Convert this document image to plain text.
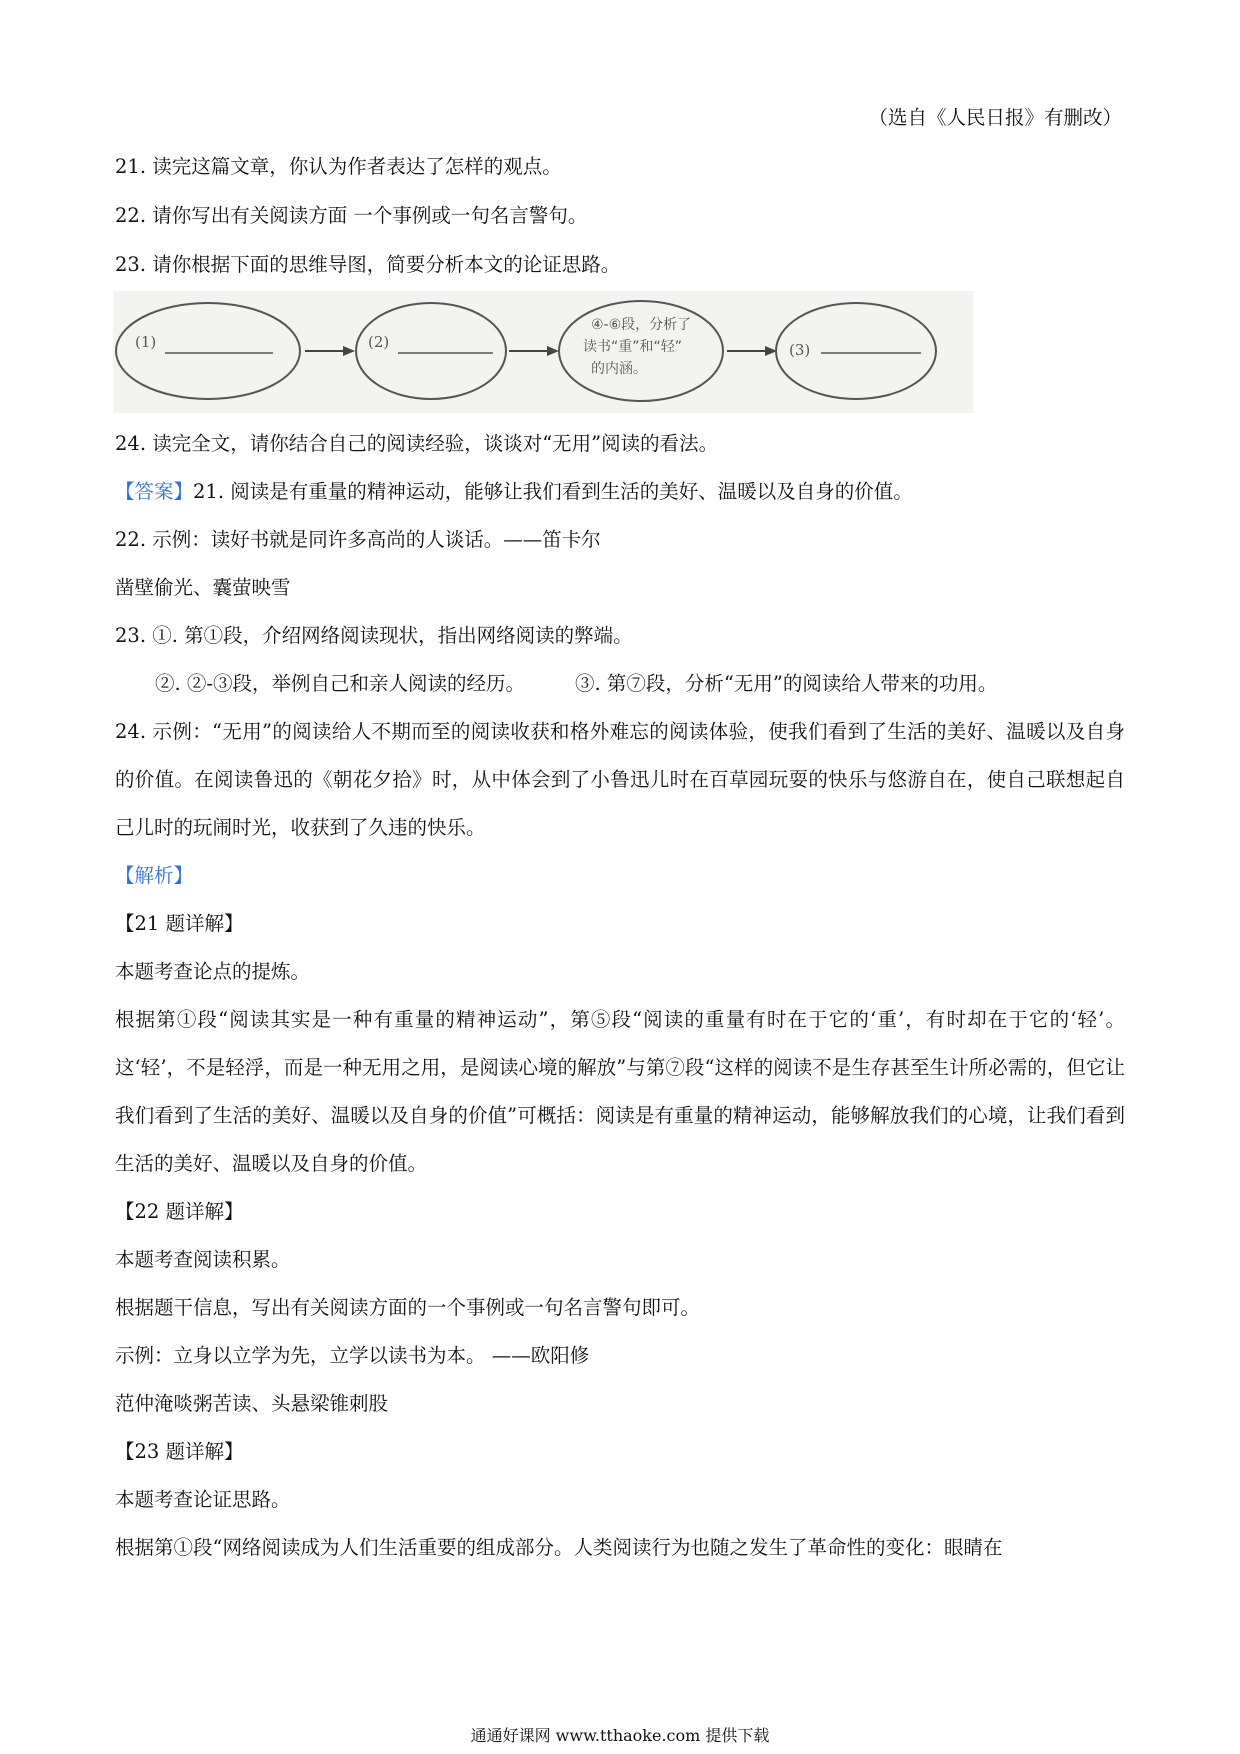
（选自《人民日报》有删改）
21. 读完这篇文章，你认为作者表达了怎样的观点。
22. 请你写出有关阅读方面 一个事例或一句名言警句。
23. 请你根据下面的思维导图，简要分析本文的论证思路。
(1)	(2)
④-⑥段，分析了
读书“重”和“轻”
的内涵。
(3)
24. 读完全文，请你结合自己的阅读经验，谈谈对“无用”阅读的看法。
【答案】21. 阅读是有重量的精神运动，能够让我们看到生活的美好、温暖以及自身的价值。
22. 示例：读好书就是同许多高尚的人谈话。——笛卡尔
凿壁偷光、囊萤映雪
23. ①. 第①段，介绍网络阅读现状，指出网络阅读的弊端。
②. ②-③段，举例自己和亲人阅读的经历。	③. 第⑦段，分析“无用”的阅读给人带来的功用。
24. 示例：“无用”的阅读给人不期而至的阅读收获和格外难忘的阅读体验，使我们看到了生活的美好、温暖以及自身的价值。在阅读鲁迅的《朝花夕拾》时，从中体会到了小鲁迅儿时在百草园玩耍的快乐与悠游自在，使自己联想起自己儿时的玩闹时光，收获到了久违的快乐。
【解析】
【21 题详解】
本题考查论点的提炼。
根据第①段“阅读其实是一种有重量的精神运动”，第⑤段“阅读的重量有时在于它的‘重’，有时却在于它的‘轻’。这‘轻’，不是轻浮，而是一种无用之用，是阅读心境的解放”与第⑦段“这样的阅读不是生存甚至生计所必需的，但它让我们看到了生活的美好、温暖以及自身的价值”可概括：阅读是有重量的精神运动，能够解放我们的心境，让我们看到生活的美好、温暖以及自身的价值。
【22 题详解】
本题考查阅读积累。
根据题干信息，写出有关阅读方面的一个事例或一句名言警句即可。
示例：立身以立学为先，立学以读书为本。 ——欧阳修
范仲淹啖粥苦读、头悬梁锥刺股
【23 题详解】
本题考查论证思路。
根据第①段“网络阅读成为人们生活重要的组成部分。人类阅读行为也随之发生了革命性的变化：眼睛在
通通好课网 www.tthaoke.com 提供下载
